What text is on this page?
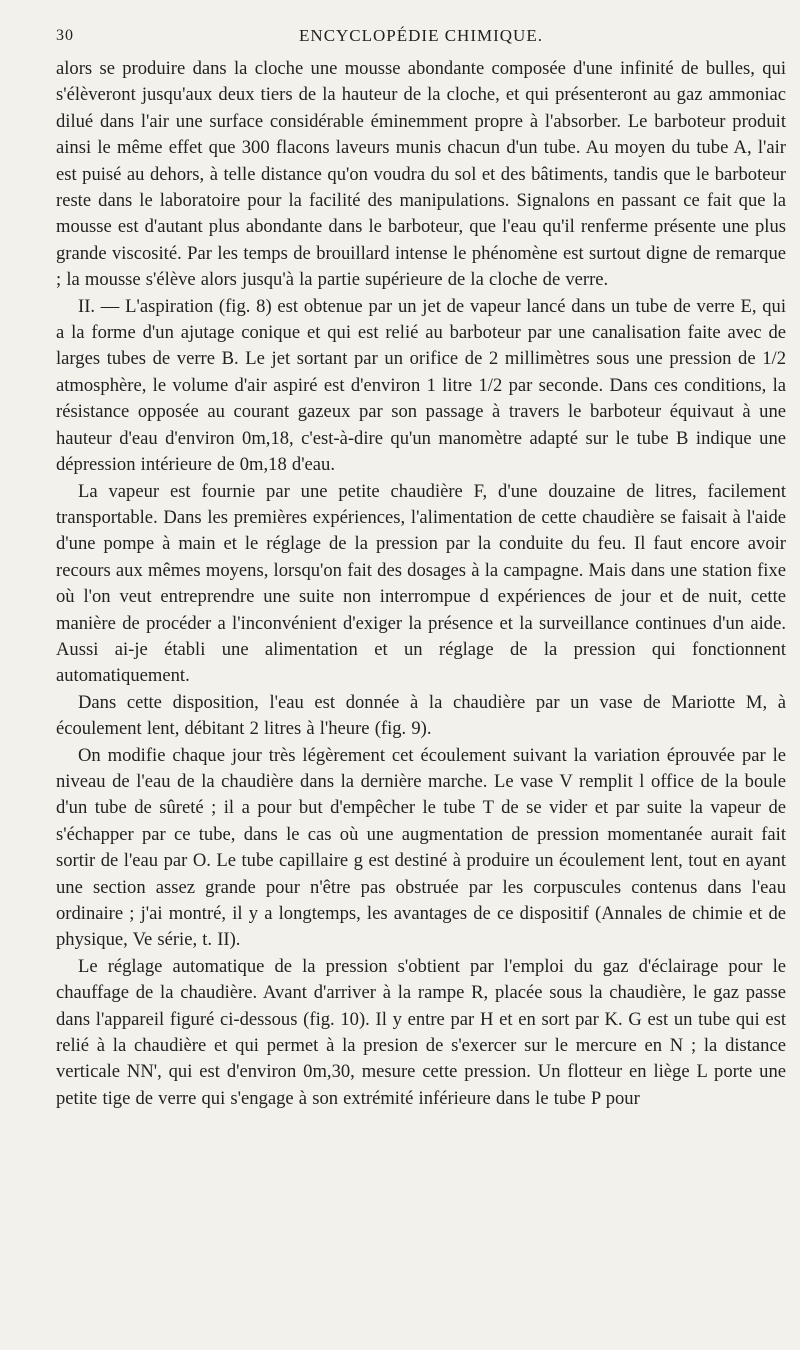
30	ENCYCLOPÉDIE CHIMIQUE.

alors se produire dans la cloche une mousse abondante composée d'une infinité de bulles, qui s'élèveront jusqu'aux deux tiers de la hauteur de la cloche, et qui présenteront au gaz ammoniac dilué dans l'air une surface considérable éminemment propre à l'absorber. Le barboteur produit ainsi le même effet que 300 flacons laveurs munis chacun d'un tube. Au moyen du tube A, l'air est puisé au dehors, à telle distance qu'on voudra du sol et des bâtiments, tandis que le barboteur reste dans le laboratoire pour la facilité des manipulations. Signalons en passant ce fait que la mousse est d'autant plus abondante dans le barboteur, que l'eau qu'il renferme présente une plus grande viscosité. Par les temps de brouillard intense le phénomène est surtout digne de remarque ; la mousse s'élève alors jusqu'à la partie supérieure de la cloche de verre.

II. — L'aspiration (fig. 8) est obtenue par un jet de vapeur lancé dans un tube de verre E, qui a la forme d'un ajutage conique et qui est relié au barboteur par une canalisation faite avec de larges tubes de verre B. Le jet sortant par un orifice de 2 millimètres sous une pression de 1/2 atmosphère, le volume d'air aspiré est d'environ 1 litre 1/2 par seconde. Dans ces conditions, la résistance opposée au courant gazeux par son passage à travers le barboteur équivaut à une hauteur d'eau d'environ 0m,18, c'est-à-dire qu'un manomètre adapté sur le tube B indique une dépression intérieure de 0m,18 d'eau.

La vapeur est fournie par une petite chaudière F, d'une douzaine de litres, facilement transportable. Dans les premières expériences, l'alimentation de cette chaudière se faisait à l'aide d'une pompe à main et le réglage de la pression par la conduite du feu. Il faut encore avoir recours aux mêmes moyens, lorsqu'on fait des dosages à la campagne. Mais dans une station fixe où l'on veut entreprendre une suite non interrompue d expériences de jour et de nuit, cette manière de procéder a l'inconvénient d'exiger la présence et la surveillance continues d'un aide. Aussi ai-je établi une alimentation et un réglage de la pression qui fonctionnent automatiquement.

Dans cette disposition, l'eau est donnée à la chaudière par un vase de Mariotte M, à écoulement lent, débitant 2 litres à l'heure (fig. 9).

On modifie chaque jour très légèrement cet écoulement suivant la variation éprouvée par le niveau de l'eau de la chaudière dans la dernière marche. Le vase V remplit l office de la boule d'un tube de sûreté ; il a pour but d'empêcher le tube T de se vider et par suite la vapeur de s'échapper par ce tube, dans le cas où une augmentation de pression momentanée aurait fait sortir de l'eau par O. Le tube capillaire g est destiné à produire un écoulement lent, tout en ayant une section assez grande pour n'être pas obstruée par les corpuscules contenus dans l'eau ordinaire ; j'ai montré, il y a longtemps, les avantages de ce dispositif (Annales de chimie et de physique, Ve série, t. II).

Le réglage automatique de la pression s'obtient par l'emploi du gaz d'éclairage pour le chauffage de la chaudière. Avant d'arriver à la rampe R, placée sous la chaudière, le gaz passe dans l'appareil figuré ci-dessous (fig. 10). Il y entre par H et en sort par K. G est un tube qui est relié à la chaudière et qui permet à la presion de s'exercer sur le mercure en N ; la distance verticale NN', qui est d'environ 0m,30, mesure cette pression. Un flotteur en liège L porte une petite tige de verre qui s'engage à son extrémité inférieure dans le tube P pour
